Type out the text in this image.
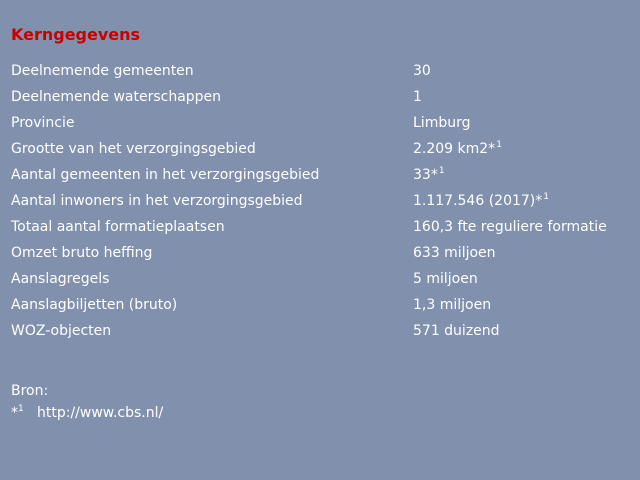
Kerngegevens
Deelnemende gemeenten	30
Deelnemende waterschappen	1
Provincie	Limburg
Grootte van het verzorgingsgebied	2.209 km2*$^1$
Aantal gemeenten in het verzorgingsgebied	33*$^1$
Aantal inwoners in het verzorgingsgebied	1.117.546 (2017)*$^1$
Totaal aantal formatieplaatsen	160,3 fte reguliere formatie
Omzet bruto heffing	633 miljoen
Aanslagregels	5 miljoen
Aanslagbiljetten (bruto)	1,3 miljoen
WOZ-objecten	571 duizend
Bron:
*$^1$ http://www.cbs.nl/
